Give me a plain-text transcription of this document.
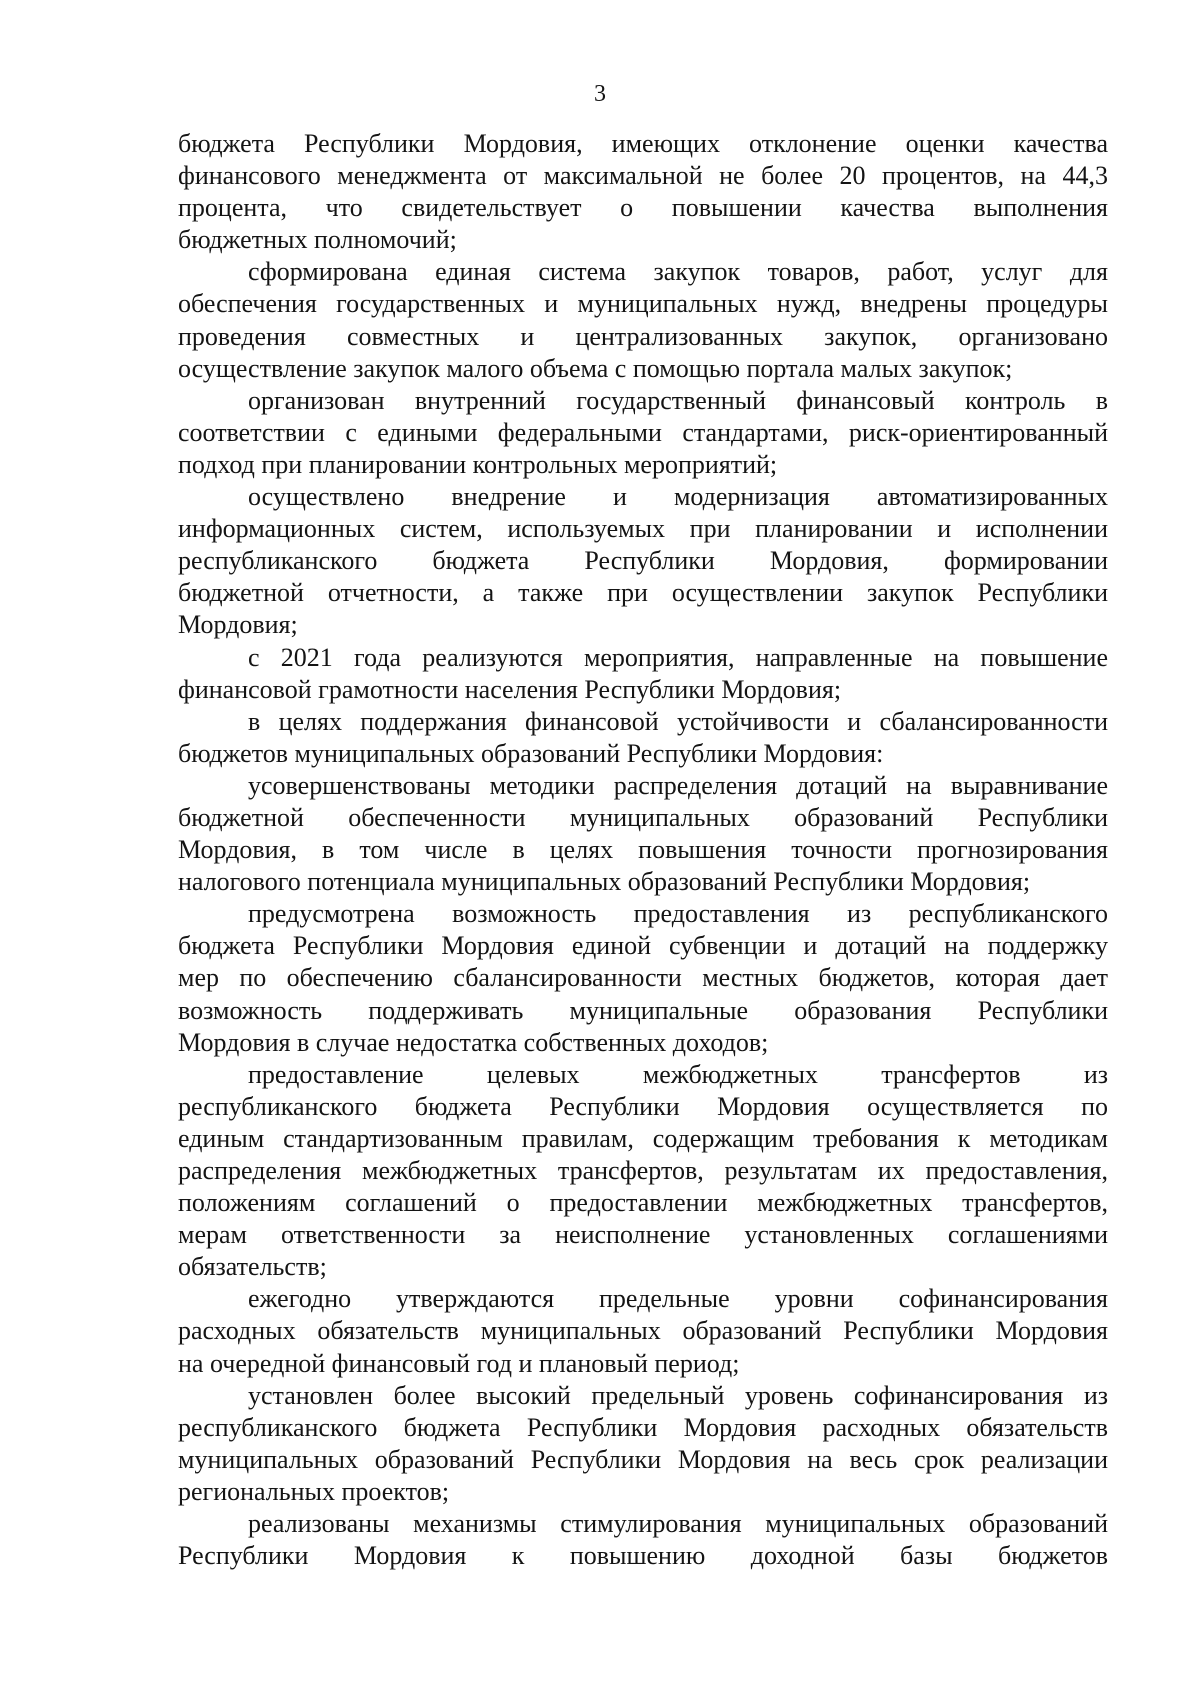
3
бюджета Республики Мордовия, имеющих отклонение оценки качества
финансового менеджмента от максимальной не более 20 процентов, на 44,3
процента, что свидетельствует о повышении качества выполнения
бюджетных полномочий;
сформирована единая система закупок товаров, работ, услуг для
обеспечения государственных и муниципальных нужд, внедрены процедуры
проведения совместных и централизованных закупок, организовано
осуществление закупок малого объема с помощью портала малых закупок;
организован внутренний государственный финансовый контроль в
соответствии с едиными федеральными стандартами, риск-ориентированный
подход при планировании контрольных мероприятий;
осуществлено внедрение и модернизация автоматизированных
информационных систем, используемых при планировании и исполнении
республиканского бюджета Республики Мордовия, формировании
бюджетной отчетности, а также при осуществлении закупок Республики
Мордовия;
с 2021 года реализуются мероприятия, направленные на повышение
финансовой грамотности населения Республики Мордовия;
в целях поддержания финансовой устойчивости и сбалансированности
бюджетов муниципальных образований Республики Мордовия:
усовершенствованы методики распределения дотаций на выравнивание
бюджетной обеспеченности муниципальных образований Республики
Мордовия, в том числе в целях повышения точности прогнозирования
налогового потенциала муниципальных образований Республики Мордовия;
предусмотрена возможность предоставления из республиканского
бюджета Республики Мордовия единой субвенции и дотаций на поддержку
мер по обеспечению сбалансированности местных бюджетов, которая дает
возможность поддерживать муниципальные образования Республики
Мордовия в случае недостатка собственных доходов;
предоставление целевых межбюджетных трансфертов из
республиканского бюджета Республики Мордовия осуществляется по
единым стандартизованным правилам, содержащим требования к методикам
распределения межбюджетных трансфертов, результатам их предоставления,
положениям соглашений о предоставлении межбюджетных трансфертов,
мерам ответственности за неисполнение установленных соглашениями
обязательств;
ежегодно утверждаются предельные уровни софинансирования
расходных обязательств муниципальных образований Республики Мордовия
на очередной финансовый год и плановый период;
установлен более высокий предельный уровень софинансирования из
республиканского бюджета Республики Мордовия расходных обязательств
муниципальных образований Республики Мордовия на весь срок реализации
региональных проектов;
реализованы механизмы стимулирования муниципальных образований
Республики Мордовия к повышению доходной базы бюджетов
